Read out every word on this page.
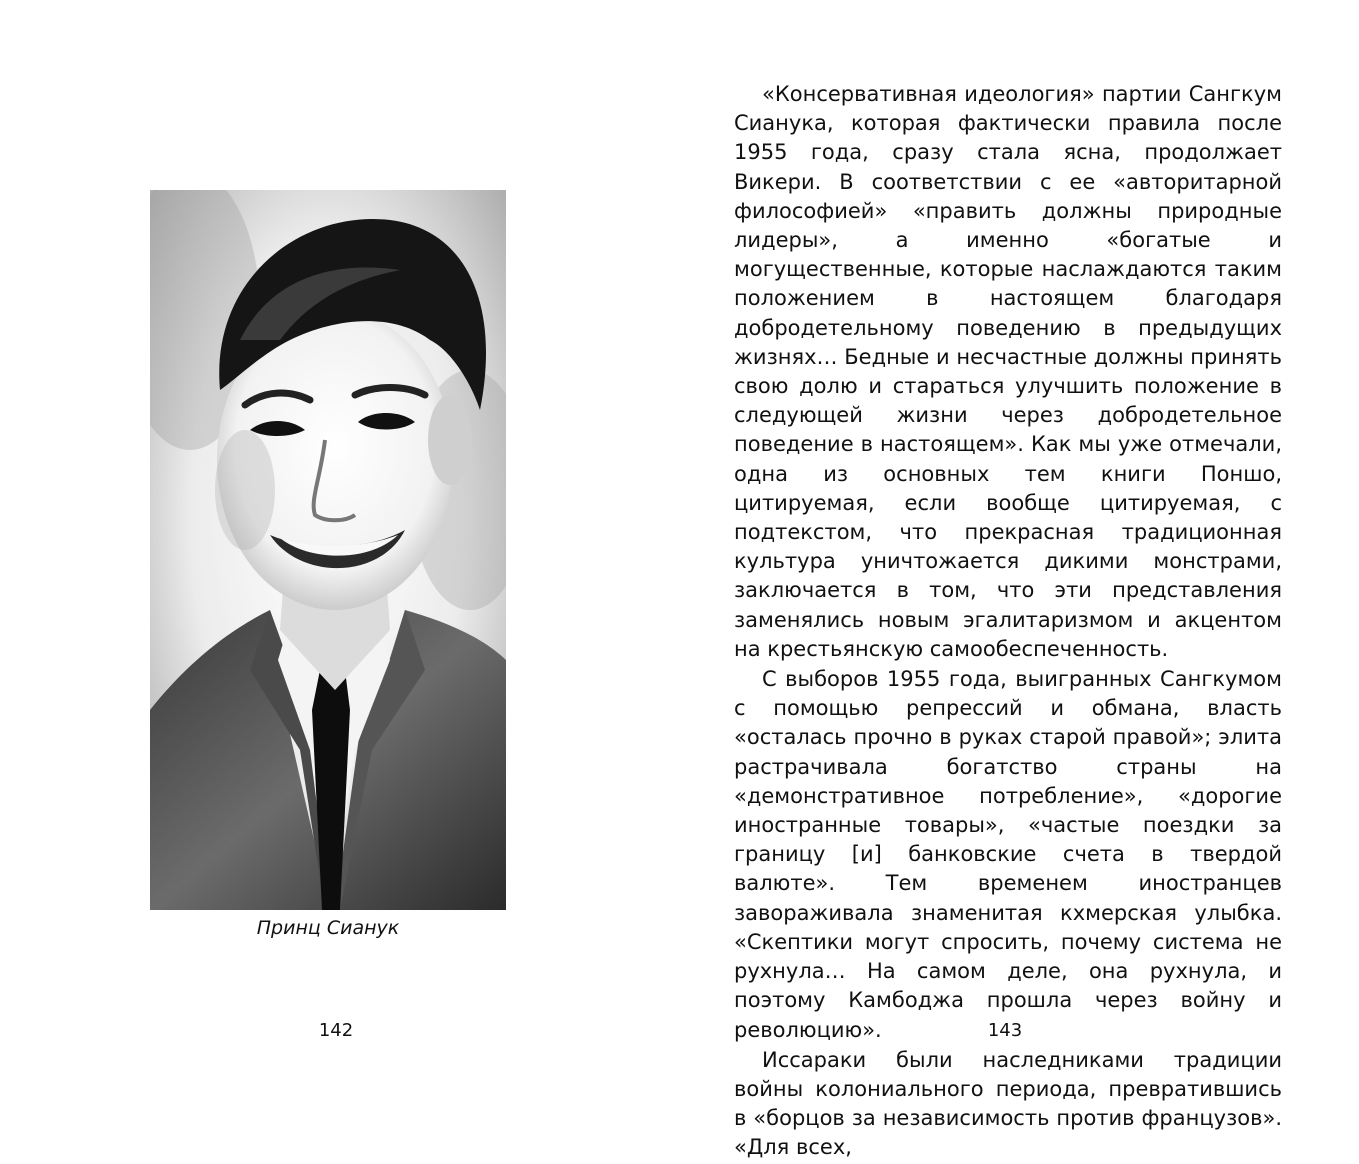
Принц Сианук
142

«Консервативная идеология» партии Сангкум Сианука, которая фактически правила после 1955 года, сразу стала ясна, продолжает Викери. В соответствии с ее «авторитарной философией» «править должны природные лидеры», а именно «богатые и могущественные, которые наслаждаются таким положением в настоящем благодаря добродетельному поведению в предыдущих жизнях… Бедные и несчастные должны принять свою долю и стараться улучшить положение в следующей жизни через добродетельное поведение в настоящем». Как мы уже отмечали, одна из основных тем книги Поншо, цитируемая, если вообще цитируемая, с подтекстом, что прекрасная традиционная культура уничтожается дикими монстрами, заключается в том, что эти представления заменялись новым эгалитаризмом и акцентом на крестьянскую самообеспеченность.

С выборов 1955 года, выигранных Сангкумом с помощью репрессий и обмана, власть «осталась прочно в руках старой правой»; элита растрачивала богатство страны на «демонстративное потребление», «дорогие иностранные товары», «частые поездки за границу [и] банковские счета в твердой валюте». Тем временем иностранцев завораживала знаменитая кхмерская улыбка. «Скептики могут спросить, почему система не рухнула… На самом деле, она рухнула, и поэтому Камбоджа прошла через войну и революцию».

Иссараки были наследниками традиции войны колониального периода, превратившись в «борцов за независимость против французов». «Для всех,

143
